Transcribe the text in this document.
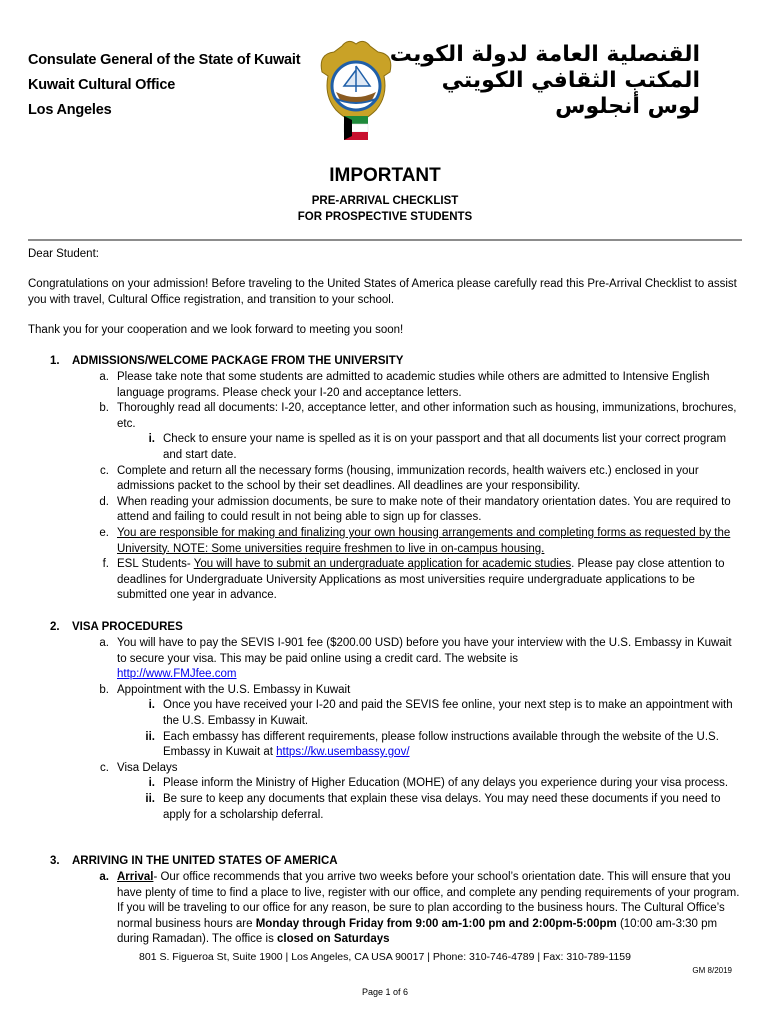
Consulate General of the State of Kuwait
Kuwait Cultural Office
Los Angeles
القنصلية العامة لدولة الكويت
المكتب الثقافي الكويتي
لوس أنجلوس
IMPORTANT
PRE-ARRIVAL CHECKLIST
FOR PROSPECTIVE STUDENTS
Dear Student:
Congratulations on your admission! Before traveling to the United States of America please carefully read this Pre-Arrival Checklist to assist you with travel, Cultural Office registration, and transition to your school.
Thank you for your cooperation and we look forward to meeting you soon!
1. ADMISSIONS/WELCOME PACKAGE FROM THE UNIVERSITY
a. Please take note that some students are admitted to academic studies while others are admitted to Intensive English language programs. Please check your I-20 and acceptance letters.
b. Thoroughly read all documents: I-20, acceptance letter, and other information such as housing, immunizations, brochures, etc.
i. Check to ensure your name is spelled as it is on your passport and that all documents list your correct program and start date.
c. Complete and return all the necessary forms (housing, immunization records, health waivers etc.) enclosed in your admissions packet to the school by their set deadlines. All deadlines are your responsibility.
d. When reading your admission documents, be sure to make note of their mandatory orientation dates. You are required to attend and failing to could result in not being able to sign up for classes.
e. You are responsible for making and finalizing your own housing arrangements and completing forms as requested by the University. NOTE: Some universities require freshmen to live in on-campus housing.
f. ESL Students- You will have to submit an undergraduate application for academic studies. Please pay close attention to deadlines for Undergraduate University Applications as most universities require undergraduate applications to be submitted one year in advance.
2. VISA PROCEDURES
a. You will have to pay the SEVIS I-901 fee ($200.00 USD) before you have your interview with the U.S. Embassy in Kuwait to secure your visa. This may be paid online using a credit card. The website is
http://www.FMJfee.com
b. Appointment with the U.S. Embassy in Kuwait
i. Once you have received your I-20 and paid the SEVIS fee online, your next step is to make an appointment with the U.S. Embassy in Kuwait.
ii. Each embassy has different requirements, please follow instructions available through the website of the U.S. Embassy in Kuwait at https://kw.usembassy.gov/
c. Visa Delays
i. Please inform the Ministry of Higher Education (MOHE) of any delays you experience during your visa process.
ii. Be sure to keep any documents that explain these visa delays. You may need these documents if you need to apply for a scholarship deferral.
3. ARRIVING IN THE UNITED STATES OF AMERICA
a. Arrival- Our office recommends that you arrive two weeks before your school’s orientation date. This will ensure that you have plenty of time to find a place to live, register with our office, and complete any pending requirements of your program. If you will be traveling to our office for any reason, be sure to plan according to the business hours. The Cultural Office’s normal business hours are Monday through Friday from 9:00 am-1:00 pm and 2:00pm-5:00pm (10:00 am-3:30 pm during Ramadan). The office is closed on Saturdays
801 S. Figueroa St, Suite 1900 | Los Angeles, CA USA 90017 | Phone: 310-746-4789 | Fax: 310-789-1159
GM 8/2019
Page 1 of 6
